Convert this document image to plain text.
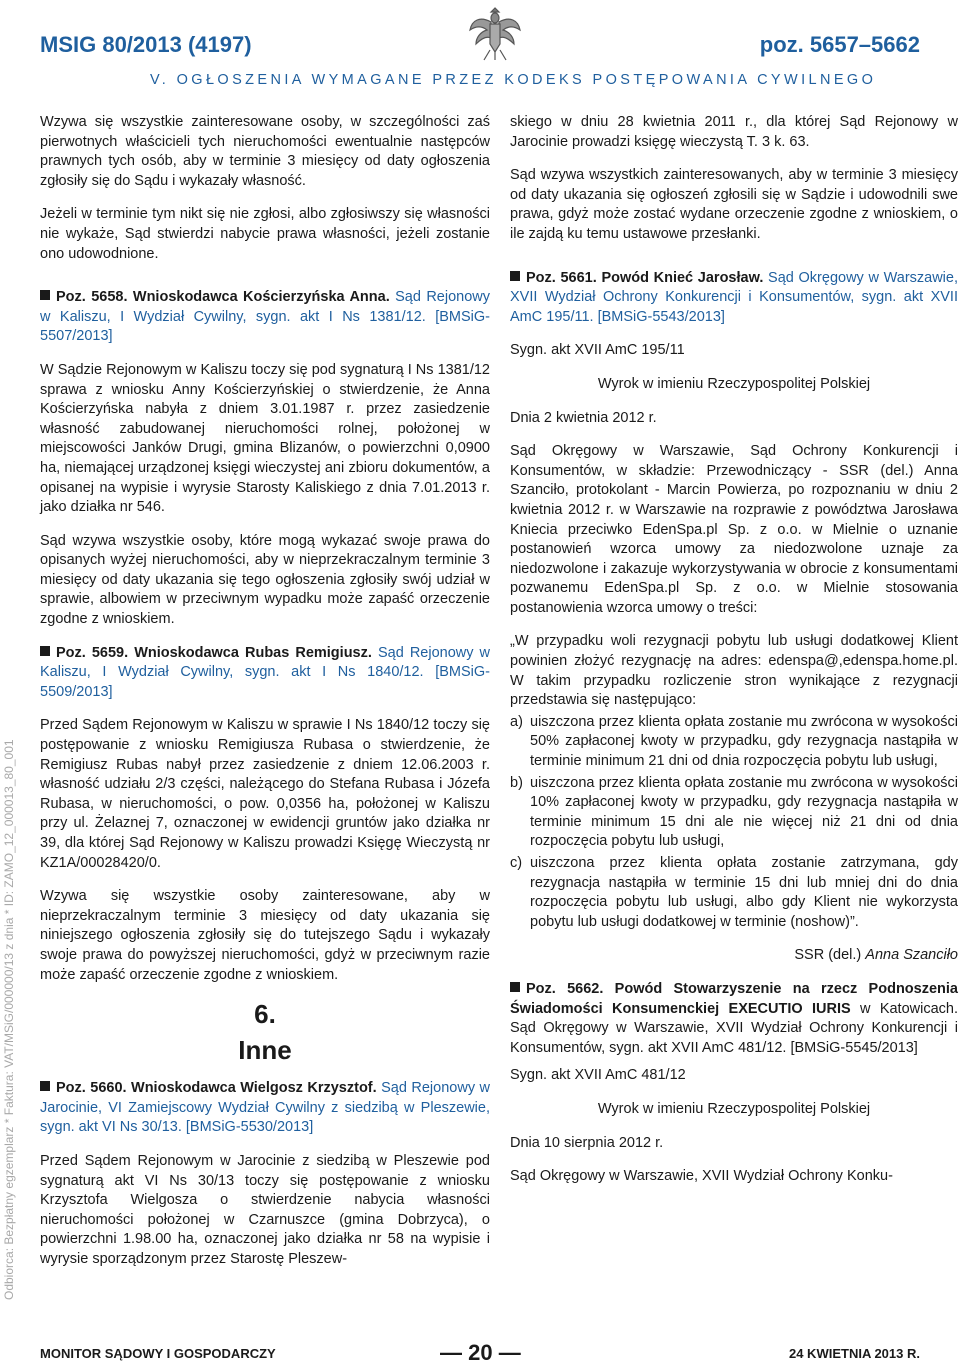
MSIG 80/2013 (4197)	poz. 5657–5662
V. OGŁOSZENIA WYMAGANE PRZEZ KODEKS POSTĘPOWANIA CYWILNEGO
Odbiorca: Bezpłatny egzemplarz * Faktura: VAT/MSiG/000000/13 z dnia * ID: ZAMO_12_000013_80_001

Wzywa się wszystkie zainteresowane osoby, w szczególności zaś pierwotnych właścicieli tych nieruchomości ewentualnie następców prawnych tych osób, aby w terminie 3 miesięcy od daty ogłoszenia zgłosiły się do Sądu i wykazały własność.

Jeżeli w terminie tym nikt się nie zgłosi, albo zgłosiwszy się własności nie wykaże, Sąd stwierdzi nabycie prawa własności, jeżeli zostanie ono udowodnione.

Poz. 5658. Wnioskodawca Kościerzyńska Anna. Sąd Rejonowy w Kaliszu, I Wydział Cywilny, sygn. akt I Ns 1381/12. [BMSiG-5507/2013]

W Sądzie Rejonowym w Kaliszu toczy się pod sygnaturą I Ns 1381/12 sprawa z wniosku Anny Kościerzyńskiej o stwierdzenie, że Anna Kościerzyńska nabyła z dniem 3.01.1987 r. przez zasiedzenie własność zabudowanej nieruchomości rolnej, położonej w miejscowości Janków Drugi, gmina Blizanów, o powierzchni 0,0900 ha, niemającej urządzonej księgi wieczystej ani zbioru dokumentów, a opisanej na wypisie i wyrysie Starosty Kaliskiego z dnia 7.01.2013 r. jako działka nr 546.

Sąd wzywa wszystkie osoby, które mogą wykazać swoje prawa do opisanych wyżej nieruchomości, aby w nieprzekraczalnym terminie 3 miesięcy od daty ukazania się tego ogłoszenia zgłosiły swój udział w sprawie, albowiem w przeciwnym wypadku może zapaść orzeczenie zgodne z wnioskiem.

Poz. 5659. Wnioskodawca Rubas Remigiusz. Sąd Rejonowy w Kaliszu, I Wydział Cywilny, sygn. akt I Ns 1840/12. [BMSiG-5509/2013]

Przed Sądem Rejonowym w Kaliszu w sprawie I Ns 1840/12 toczy się postępowanie z wniosku Remigiusza Rubasa o stwierdzenie, że Remigiusz Rubas nabył przez zasiedzenie z dniem 12.06.2003 r. własność udziału 2/3 części, należącego do Stefana Rubasa i Józefa Rubasa, w nieruchomości, o pow. 0,0356 ha, położonej w Kaliszu przy ul. Żelaznej 7, oznaczonej w ewidencji gruntów jako działka nr 39, dla której Sąd Rejonowy w Kaliszu prowadzi Księgę Wieczystą nr KZ1A/00028420/0.

Wzywa się wszystkie osoby zainteresowane, aby w nieprzekraczalnym terminie 3 miesięcy od daty ukazania się niniejszego ogłoszenia zgłosiły się do tutejszego Sądu i wykazały swoje prawa do powyższej nieruchomości, gdyż w przeciwnym razie może zapaść orzeczenie zgodne z wnioskiem.

6.
Inne

Poz. 5660. Wnioskodawca Wielgosz Krzysztof. Sąd Rejonowy w Jarocinie, VI Zamiejscowy Wydział Cywilny z siedzibą w Pleszewie, sygn. akt VI Ns 30/13. [BMSiG-5530/2013]

Przed Sądem Rejonowym w Jarocinie z siedzibą w Pleszewie pod sygnaturą akt VI Ns 30/13 toczy się postępowanie z wniosku Krzysztofa Wielgosza o stwierdzenie nabycia własności nieruchomości położonej w Czarnuszce (gmina Dobrzyca), o powierzchni 1.98.00 ha, oznaczonej jako działka nr 58 na wypisie i wyrysie sporządzonym przez Starostę Pleszew-

skiego w dniu 28 kwietnia 2011 r., dla której Sąd Rejonowy w Jarocinie prowadzi księgę wieczystą T. 3 k. 63.

Sąd wzywa wszystkich zainteresowanych, aby w terminie 3 miesięcy od daty ukazania się ogłoszeń zgłosili się w Sądzie i udowodnili swe prawa, gdyż może zostać wydane orzeczenie zgodne z wnioskiem, o ile zajdą ku temu ustawowe przesłanki.

Poz. 5661. Powód Knieć Jarosław. Sąd Okręgowy w Warszawie, XVII Wydział Ochrony Konkurencji i Konsumentów, sygn. akt XVII AmC 195/11. [BMSiG-5543/2013]

Sygn. akt XVII AmC 195/11

Wyrok w imieniu Rzeczypospolitej Polskiej

Dnia 2 kwietnia 2012 r.

Sąd Okręgowy w Warszawie, Sąd Ochrony Konkurencji i Konsumentów, w składzie: Przewodniczący - SSR (del.) Anna Szanciło, protokolant - Marcin Powierza, po rozpoznaniu w dniu 2 kwietnia 2012 r. w Warszawie na rozprawie z powództwa Jarosława Kniecia przeciwko EdenSpa.pl Sp. z o.o. w Mielnie o uznanie postanowień wzorca umowy za niedozwolone uznaje za niedozwolone i zakazuje wykorzystywania w obrocie z konsumentami pozwanemu EdenSpa.pl Sp. z o.o. w Mielnie stosowania postanowienia wzorca umowy o treści:

„W przypadku woli rezygnacji pobytu lub usługi dodatkowej Klient powinien złożyć rezygnację na adres: edenspa@,edenspa.home.pl. W takim przypadku rozliczenie stron wynikające z rezygnacji przedstawia się następująco:

a) uiszczona przez klienta opłata zostanie mu zwrócona w wysokości 50% zapłaconej kwoty w przypadku, gdy rezygnacja nastąpiła w terminie minimum 21 dni od dnia rozpoczęcia pobytu lub usługi,
b) uiszczona przez klienta opłata zostanie mu zwrócona w wysokości 10% zapłaconej kwoty w przypadku, gdy rezygnacja nastąpiła w terminie minimum 15 dni ale nie więcej niż 21 dni od dnia rozpoczęcia pobytu lub usługi,
c) uiszczona przez klienta opłata zostanie zatrzymana, gdy rezygnacja nastąpiła w terminie 15 dni lub mniej dni do dnia rozpoczęcia pobytu lub usługi, albo gdy Klient nie wykorzysta pobytu lub usługi dodatkowej w terminie (noshow)”.

SSR (del.) Anna Szanciło

Poz. 5662. Powód Stowarzyszenie na rzecz Podnoszenia Świadomości Konsumenckiej EXECUTIO IURIS w Katowicach. Sąd Okręgowy w Warszawie, XVII Wydział Ochrony Konkurencji i Konsumentów, sygn. akt XVII AmC 481/12. [BMSiG-5545/2013]

Sygn. akt XVII AmC 481/12

Wyrok w imieniu Rzeczypospolitej Polskiej

Dnia 10 sierpnia 2012 r.

Sąd Okręgowy w Warszawie, XVII Wydział Ochrony Konku-

MONITOR SĄDOWY I GOSPODARCZY	— 20 —	24 KWIETNIA 2013 R.
